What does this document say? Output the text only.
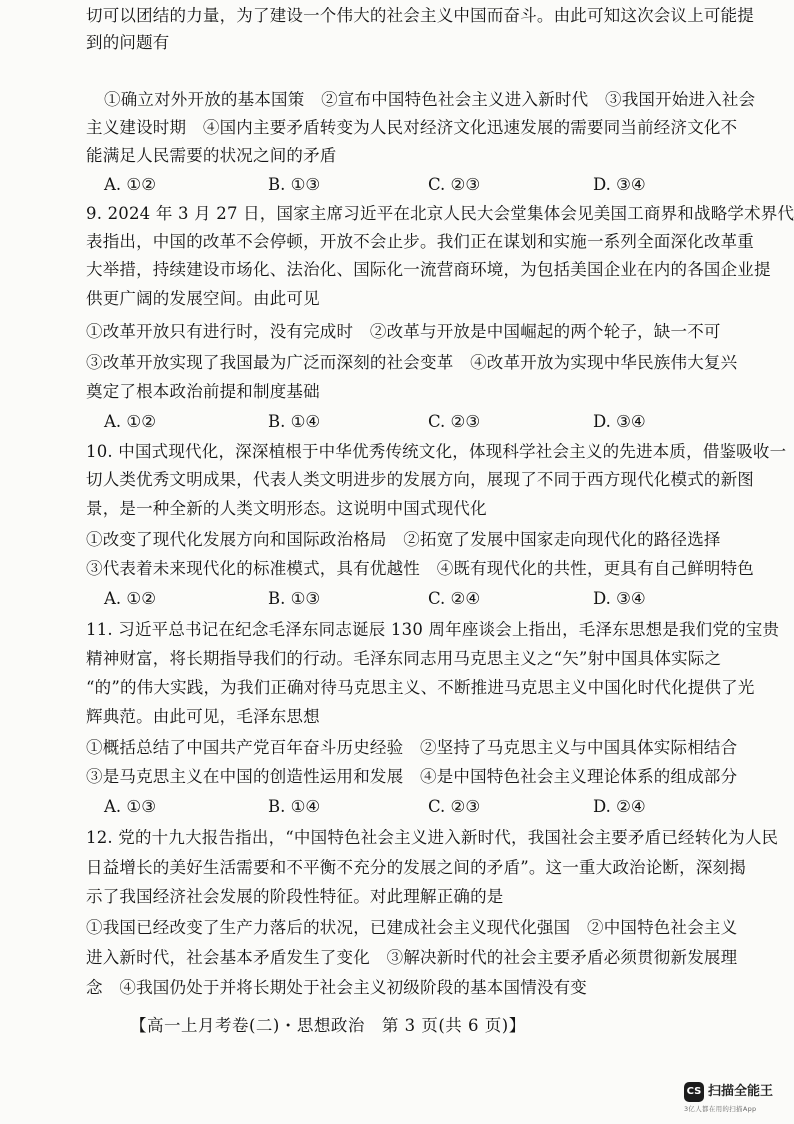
切可以团结的力量，为了建设一个伟大的社会主义中国而奋斗。由此可知这次会议上可能提
到的问题有
①确立对外开放的基本国策　②宣布中国特色社会主义进入新时代　③我国开始进入社会
主义建设时期　④国内主要矛盾转变为人民对经济文化迅速发展的需要同当前经济文化不
能满足人民需要的状况之间的矛盾
A. ①②	B. ①③	C. ②③	D. ③④
9. 2024 年 3 月 27 日，国家主席习近平在北京人民大会堂集体会见美国工商界和战略学术界代
表指出，中国的改革不会停顿，开放不会止步。我们正在谋划和实施一系列全面深化改革重
大举措，持续建设市场化、法治化、国际化一流营商环境，为包括美国企业在内的各国企业提
供更广阔的发展空间。由此可见
①改革开放只有进行时，没有完成时　②改革与开放是中国崛起的两个轮子，缺一不可
③改革开放实现了我国最为广泛而深刻的社会变革　④改革开放为实现中华民族伟大复兴
奠定了根本政治前提和制度基础
A. ①②	B. ①④	C. ②③	D. ③④
10. 中国式现代化，深深植根于中华优秀传统文化，体现科学社会主义的先进本质，借鉴吸收一
切人类优秀文明成果，代表人类文明进步的发展方向，展现了不同于西方现代化模式的新图
景，是一种全新的人类文明形态。这说明中国式现代化
①改变了现代化发展方向和国际政治格局　②拓宽了发展中国家走向现代化的路径选择
③代表着未来现代化的标准模式，具有优越性　④既有现代化的共性，更具有自己鲜明特色
A. ①②	B. ①③	C. ②④	D. ③④
11. 习近平总书记在纪念毛泽东同志诞辰 130 周年座谈会上指出，毛泽东思想是我们党的宝贵
精神财富，将长期指导我们的行动。毛泽东同志用马克思主义之“矢”射中国具体实际之
“的”的伟大实践，为我们正确对待马克思主义、不断推进马克思主义中国化时代化提供了光
辉典范。由此可见，毛泽东思想
①概括总结了中国共产党百年奋斗历史经验　②坚持了马克思主义与中国具体实际相结合
③是马克思主义在中国的创造性运用和发展　④是中国特色社会主义理论体系的组成部分
A. ①③	B. ①④	C. ②③	D. ②④
12. 党的十九大报告指出，“中国特色社会主义进入新时代，我国社会主要矛盾已经转化为人民
日益增长的美好生活需要和不平衡不充分的发展之间的矛盾”。这一重大政治论断，深刻揭
示了我国经济社会发展的阶段性特征。对此理解正确的是
①我国已经改变了生产力落后的状况，已建成社会主义现代化强国　②中国特色社会主义
进入新时代，社会基本矛盾发生了变化　③解决新时代的社会主要矛盾必须贯彻新发展理
念　④我国仍处于并将长期处于社会主义初级阶段的基本国情没有变
【高一上月考卷(二)・思想政治　第 3 页(共 6 页)】
CS 扫描全能王
3亿人都在用的扫描App
